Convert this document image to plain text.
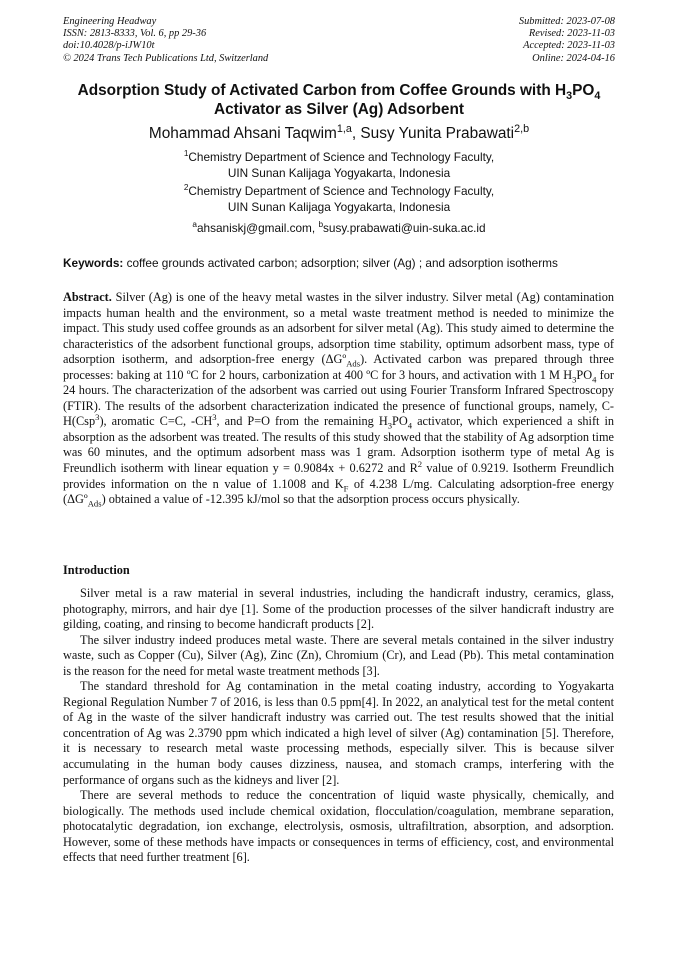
Engineering Headway
ISSN: 2813-8333, Vol. 6, pp 29-36
doi:10.4028/p-iJW10t
© 2024 Trans Tech Publications Ltd, Switzerland
Submitted: 2023-07-08
Revised: 2023-11-03
Accepted: 2023-11-03
Online: 2024-04-16
Adsorption Study of Activated Carbon from Coffee Grounds with $H_3PO_4$
Activator as Silver (Ag) Adsorbent
Mohammad Ahsani Taqwim$^{1,a}$, Susy Yunita Prabawati$^{2,b}$
$^1$Chemistry Department of Science and Technology Faculty,
UIN Sunan Kalijaga Yogyakarta, Indonesia
$^2$Chemistry Department of Science and Technology Faculty,
UIN Sunan Kalijaga Yogyakarta, Indonesia
$^a$ahsaniskj@gmail.com, $^b$susy.prabawati@uin-suka.ac.id
Keywords: coffee grounds activated carbon; adsorption; silver (Ag) ; and adsorption isotherms
Abstract. Silver (Ag) is one of the heavy metal wastes in the silver industry. Silver metal (Ag) contamination impacts human health and the environment, so a metal waste treatment method is needed to minimize the impact. This study used coffee grounds as an adsorbent for silver metal (Ag). This study aimed to determine the characteristics of the adsorbent functional groups, adsorption time stability, optimum adsorbent mass, type of adsorption isotherm, and adsorption-free energy (ΔGº$_{Ads}$). Activated carbon was prepared through three processes: baking at 110 ºC for 2 hours, carbonization at 400 ºC for 3 hours, and activation with 1 M $H_3PO_4$ for 24 hours. The characterization of the adsorbent was carried out using Fourier Transform Infrared Spectroscopy (FTIR). The results of the adsorbent characterization indicated the presence of functional groups, namely, C-H(Csp$^3$), aromatic C=C, $-CH^3$, and P=O from the remaining $H_3PO_4$ activator, which experienced a shift in absorption as the adsorbent was treated. The results of this study showed that the stability of Ag adsorption time was 60 minutes, and the optimum adsorbent mass was 1 gram. Adsorption isotherm type of metal Ag is Freundlich isotherm with linear equation y = 0.9084x + 0.6272 and $R^2$ value of 0.9219. Isotherm Freundlich provides information on the n value of 1.1008 and $K_F$ of 4.238 L/mg. Calculating adsorption-free energy (ΔGº$_{Ads}$) obtained a value of -12.395 kJ/mol so that the adsorption process occurs physically.
Introduction

Silver metal is a raw material in several industries, including the handicraft industry, ceramics, glass, photography, mirrors, and hair dye [1]. Some of the production processes of the silver handicraft industry are gilding, coating, and rinsing to become handicraft products [2].

The silver industry indeed produces metal waste. There are several metals contained in the silver industry waste, such as Copper (Cu), Silver (Ag), Zinc (Zn), Chromium (Cr), and Lead (Pb). This metal contamination is the reason for the need for metal waste treatment methods [3].

The standard threshold for Ag contamination in the metal coating industry, according to Yogyakarta Regional Regulation Number 7 of 2016, is less than 0.5 ppm[4]. In 2022, an analytical test for the metal content of Ag in the waste of the silver handicraft industry was carried out. The test results showed that the initial concentration of Ag was 2.3790 ppm which indicated a high level of silver (Ag) contamination [5]. Therefore, it is necessary to research metal waste processing methods, especially silver. This is because silver accumulating in the human body causes dizziness, nausea, and stomach cramps, interfering with the performance of organs such as the kidneys and liver [2].

There are several methods to reduce the concentration of liquid waste physically, chemically, and biologically. The methods used include chemical oxidation, flocculation/coagulation, membrane separation, photocatalytic degradation, ion exchange, electrolysis, osmosis, ultrafiltration, absorption, and adsorption. However, some of these methods have impacts or consequences in terms of efficiency, cost, and environmental effects that need further treatment [6].
